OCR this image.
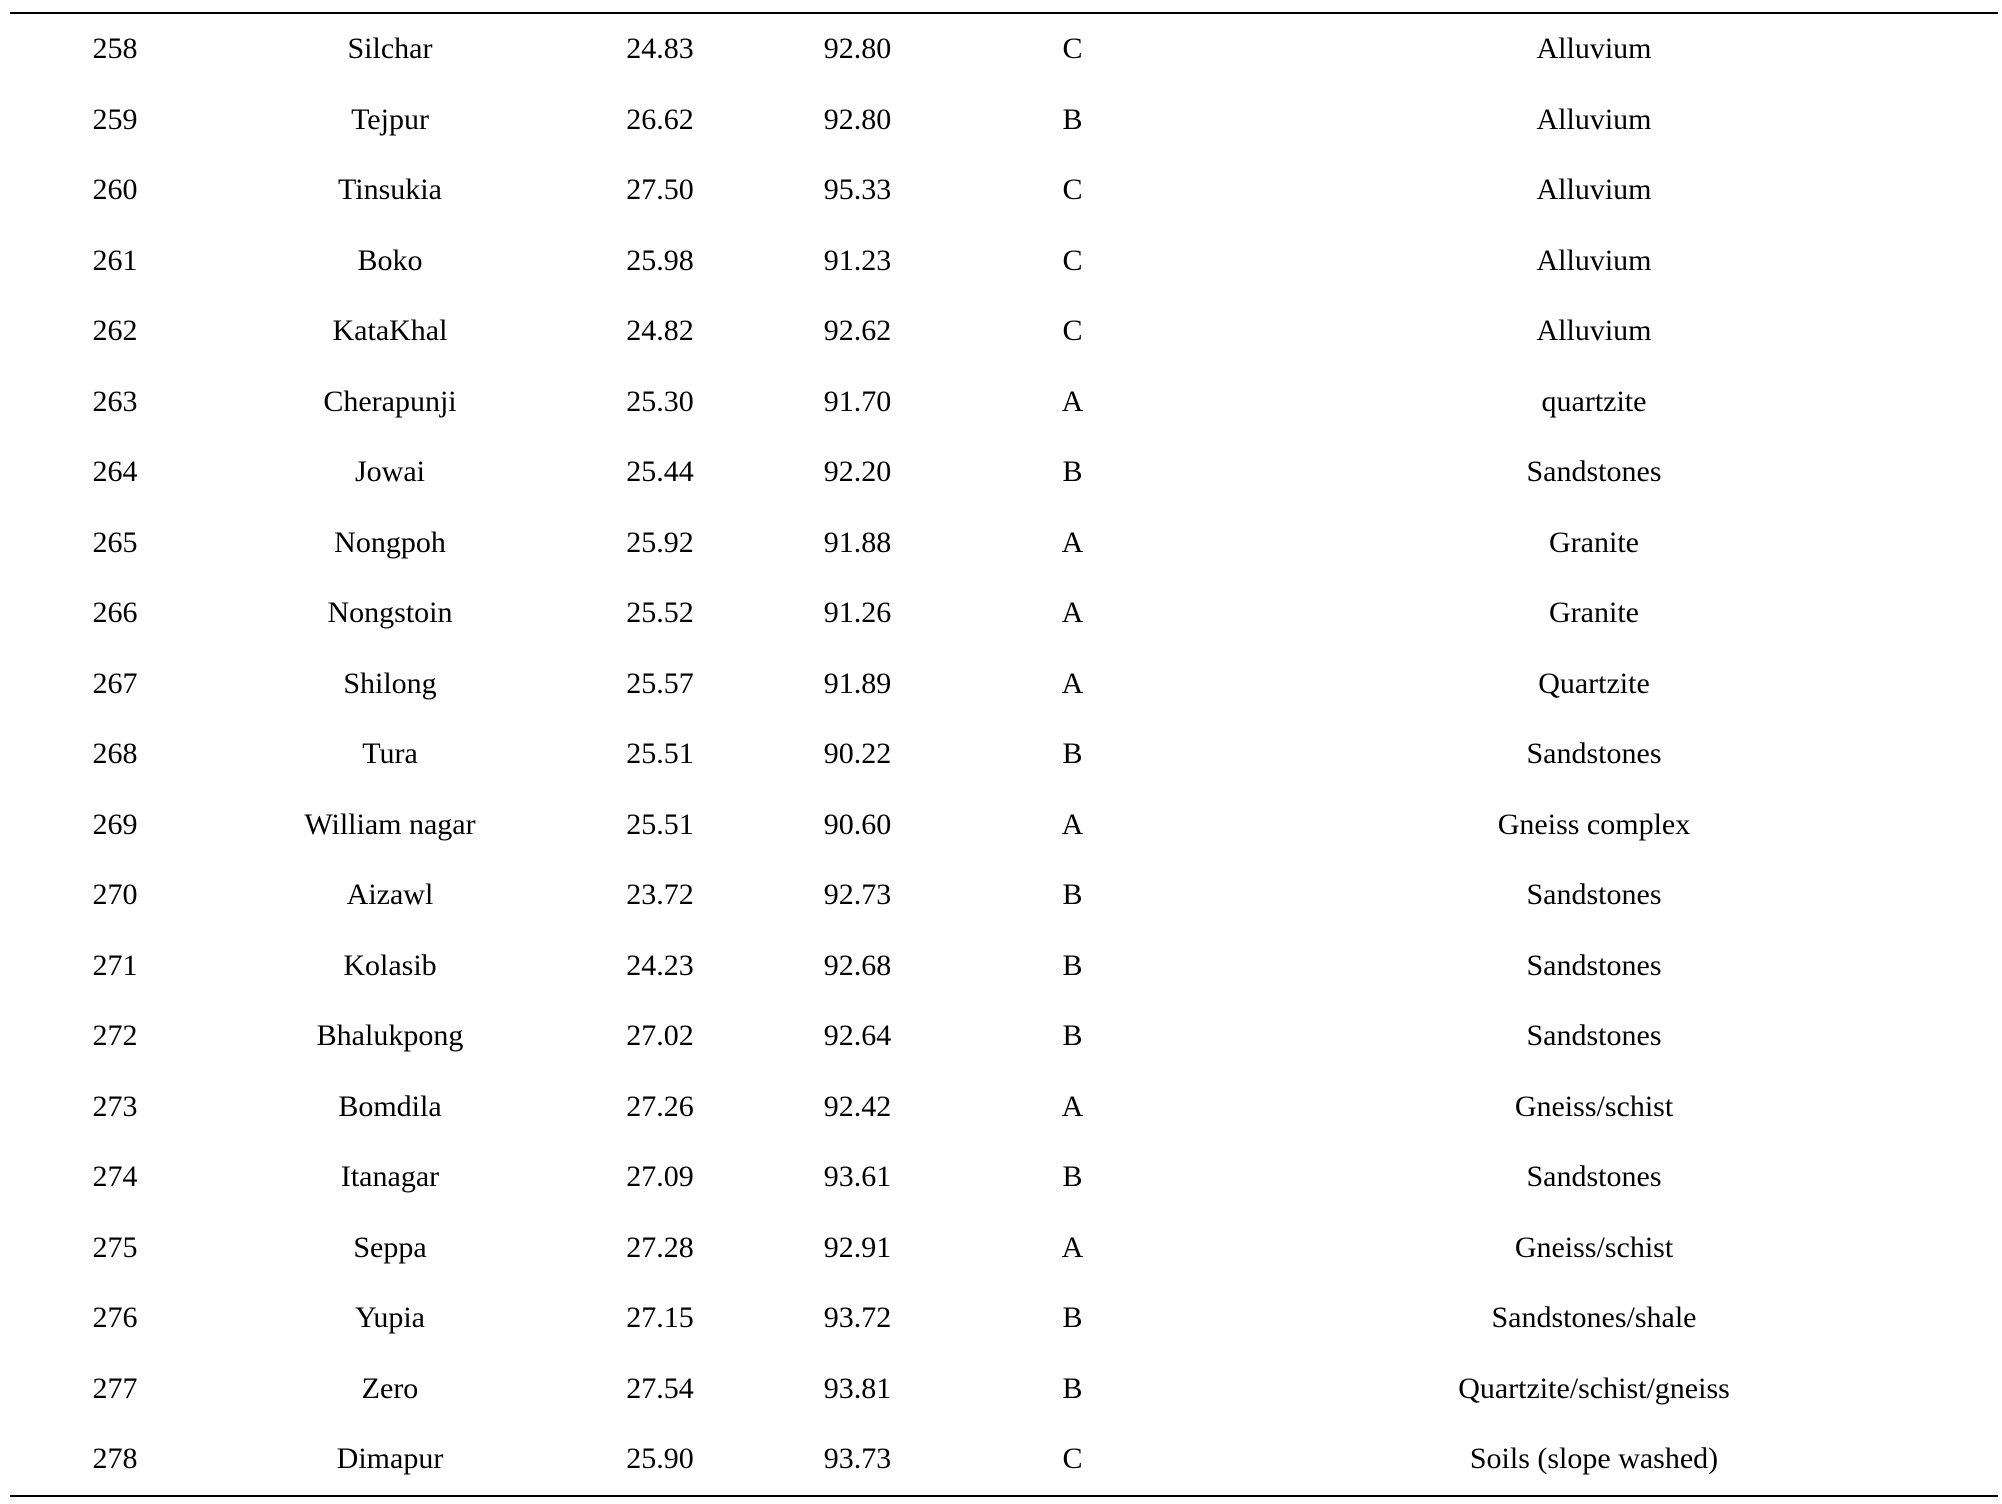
258	Silchar	24.83	92.80	C	Alluvium
259	Tejpur	26.62	92.80	B	Alluvium
260	Tinsukia	27.50	95.33	C	Alluvium
261	Boko	25.98	91.23	C	Alluvium
262	KataKhal	24.82	92.62	C	Alluvium
263	Cherapunji	25.30	91.70	A	quartzite
264	Jowai	25.44	92.20	B	Sandstones
265	Nongpoh	25.92	91.88	A	Granite
266	Nongstoin	25.52	91.26	A	Granite
267	Shilong	25.57	91.89	A	Quartzite
268	Tura	25.51	90.22	B	Sandstones
269	William nagar	25.51	90.60	A	Gneiss complex
270	Aizawl	23.72	92.73	B	Sandstones
271	Kolasib	24.23	92.68	B	Sandstones
272	Bhalukpong	27.02	92.64	B	Sandstones
273	Bomdila	27.26	92.42	A	Gneiss/schist
274	Itanagar	27.09	93.61	B	Sandstones
275	Seppa	27.28	92.91	A	Gneiss/schist
276	Yupia	27.15	93.72	B	Sandstones/shale
277	Zero	27.54	93.81	B	Quartzite/schist/gneiss
278	Dimapur	25.90	93.73	C	Soils (slope washed)
